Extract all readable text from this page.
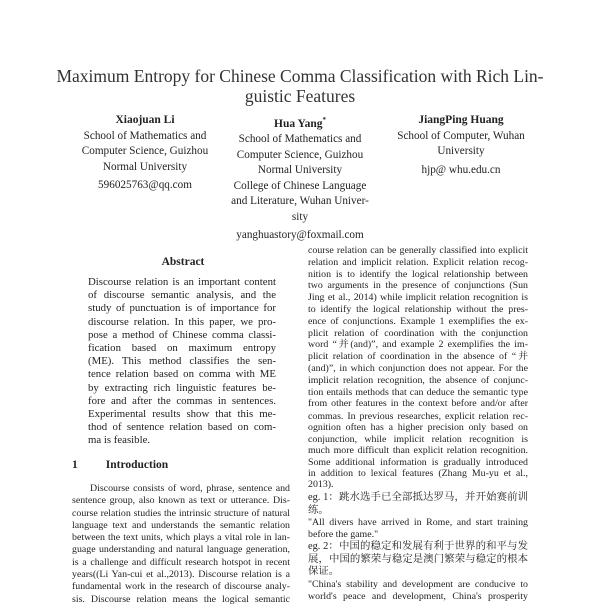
Maximum Entropy for Chinese Comma Classification with Rich Lin-
guistic Features
Xiaojuan Li
School of Mathematics and
Computer Science, Guizhou
Normal University
596025763@qq.com
Hua Yang*
School of Mathematics and
Computer Science, Guizhou
Normal University
College of Chinese Language
and Literature, Wuhan Univer-
sity
yanghuastory@foxmail.com
JiangPing Huang
School of Computer, Wuhan
University
hjp@ whu.edu.cn
Abstract
Discourse relation is an important content
of discourse semantic analysis, and the
study of punctuation is of importance for
discourse relation. In this paper, we pro-
pose a method of Chinese comma classi-
fication based on maximum entropy
(ME). This method classifies the sen-
tence relation based on comma with ME
by extracting rich linguistic features be-
fore and after the commas in sentences.
Experimental results show that this me-
thod of sentence relation based on com-
ma is feasible.
1 Introduction
Discourse consists of word, phrase, sentence and
sentence group, also known as text or utterance. Dis-
course relation studies the intrinsic structure of natural
language text and understands the semantic relation
between the text units, which plays a vital role in lan-
guage understanding and natural language generation,
is a challenge and difficult research hotspot in recent
years((Li Yan-cui et al.,2013). Discourse relation is a
fundamental work in the research of discourse analy-
sis. Discourse relation means the logical semantic
course relation can be generally classified into explicit
relation and implicit relation. Explicit relation recog-
nition is to identify the logical relationship between
two arguments in the presence of conjunctions (Sun
Jing et al., 2014) while implicit relation recognition is
to identify the logical relationship without the pres-
ence of conjunctions. Example 1 exemplifies the ex-
plicit relation of coordination with the conjunction
word “并(and)”, and example 2 exemplifies the im-
plicit relation of coordination in the absence of “并
(and)”, in which conjunction does not appear. For the
implicit relation recognition, the absence of conjunc-
tion entails methods that can deduce the semantic type
from other features in the context before and/or after
commas. In previous researches, explicit relation rec-
ognition often has a higher precision only based on
conjunction, while implicit relation recognition is
much more difficult than explicit relation recognition.
Some additional information is gradually introduced
in addition to lexical features (Zhang Mu-yu et al.,
2013).
eg. 1：跳水选手已全部抵达罗马，并开始赛前训
练。
"All divers have arrived in Rome, and start training
before the game."
eg. 2：中国的稳定和发展有利于世界的和平与发
展，中国的繁荣与稳定是澳门繁荣与稳定的根本
保证。
"China's stability and development are conducive to
world's peace and development, China's prosperity
